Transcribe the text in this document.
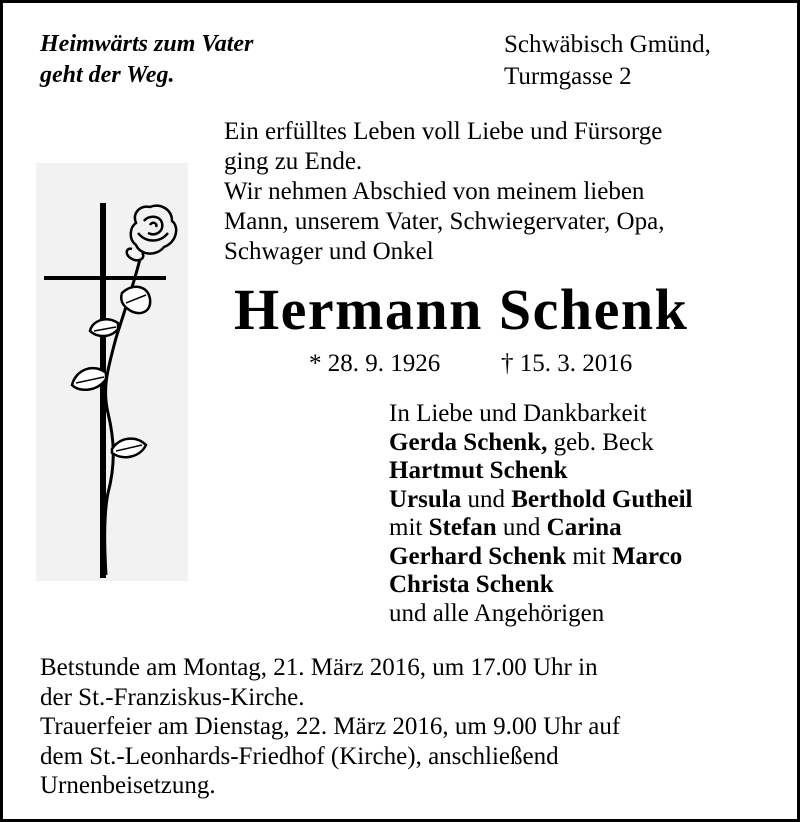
Heimwärts zum Vater
geht der Weg.
Schwäbisch Gmünd,
Turmgasse 2
Ein erfülltes Leben voll Liebe und Fürsorge
ging zu Ende.
Wir nehmen Abschied von meinem lieben
Mann, unserem Vater, Schwiegervater, Opa,
Schwager und Onkel
Hermann Schenk
* 28. 9. 1926 † 15. 3. 2016
In Liebe und Dankbarkeit
Gerda Schenk, geb. Beck
Hartmut Schenk
Ursula und Berthold Gutheil
mit Stefan und Carina
Gerhard Schenk mit Marco
Christa Schenk
und alle Angehörigen
Betstunde am Montag, 21. März 2016, um 17.00 Uhr in
der St.-Franziskus-Kirche.
Trauerfeier am Dienstag, 22. März 2016, um 9.00 Uhr auf
dem St.-Leonhards-Friedhof (Kirche), anschließend
Urnenbeisetzung.
